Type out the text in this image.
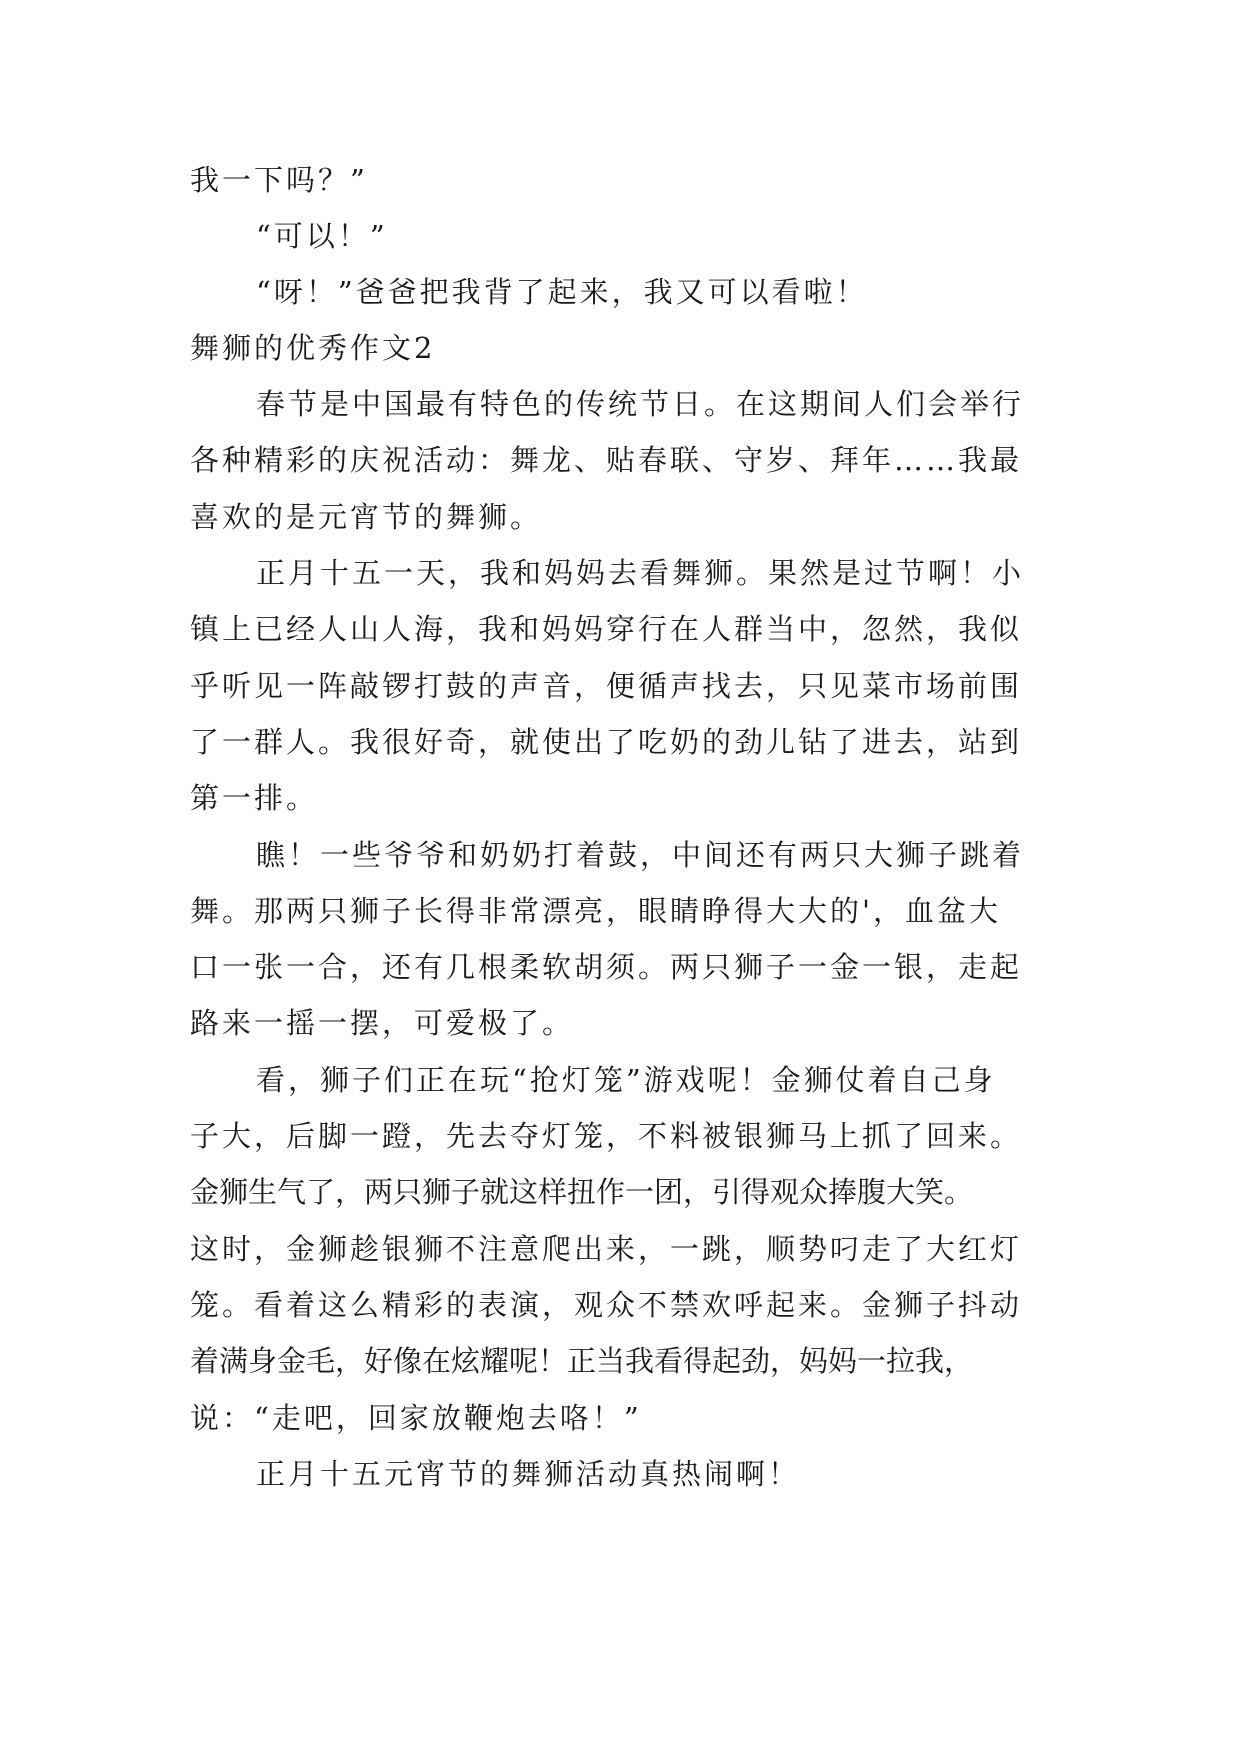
我一下吗？”
“可以！”
“呀！”爸爸把我背了起来，我又可以看啦！
舞狮的优秀作文2
春节是中国最有特色的传统节日。在这期间人们会举行
各种精彩的庆祝活动：舞龙、贴春联、守岁、拜年……我最
喜欢的是元宵节的舞狮。
正月十五一天，我和妈妈去看舞狮。果然是过节啊！小
镇上已经人山人海，我和妈妈穿行在人群当中，忽然，我似
乎听见一阵敲锣打鼓的声音，便循声找去，只见菜市场前围
了一群人。我很好奇，就使出了吃奶的劲儿钻了进去，站到
第一排。
瞧！一些爷爷和奶奶打着鼓，中间还有两只大狮子跳着
舞。那两只狮子长得非常漂亮，眼睛睁得大大的'，血盆大
口一张一合，还有几根柔软胡须。两只狮子一金一银，走起
路来一摇一摆，可爱极了。
看，狮子们正在玩“抢灯笼”游戏呢！金狮仗着自己身
子大，后脚一蹬，先去夺灯笼，不料被银狮马上抓了回来。
金狮生气了，两只狮子就这样扭作一团，引得观众捧腹大笑。
这时，金狮趁银狮不注意爬出来，一跳，顺势叼走了大红灯
笼。看着这么精彩的表演，观众不禁欢呼起来。金狮子抖动
着满身金毛，好像在炫耀呢！正当我看得起劲，妈妈一拉我，
说：“走吧，回家放鞭炮去咯！”
正月十五元宵节的舞狮活动真热闹啊！
